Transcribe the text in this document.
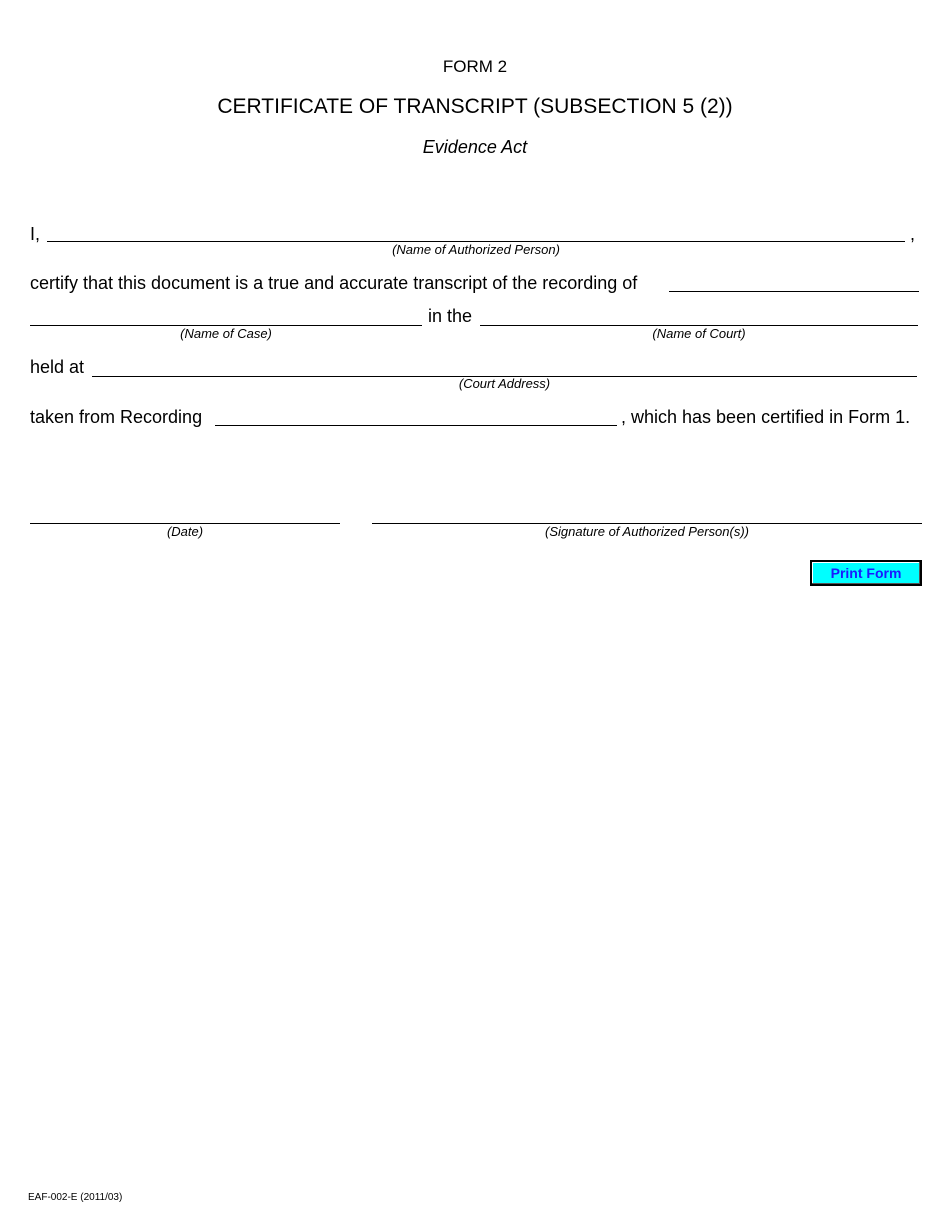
FORM 2
CERTIFICATE OF TRANSCRIPT (SUBSECTION 5 (2))
Evidence Act
I,	,
(Name of Authorized Person)
certify that this document is a true and accurate transcript of the recording of
in the
(Name of Case)	(Name of Court)
held at
(Court Address)
taken from Recording	, which has been certified in Form 1.
(Date)	(Signature of Authorized Person(s))
Print Form
EAF-002-E (2011/03)
